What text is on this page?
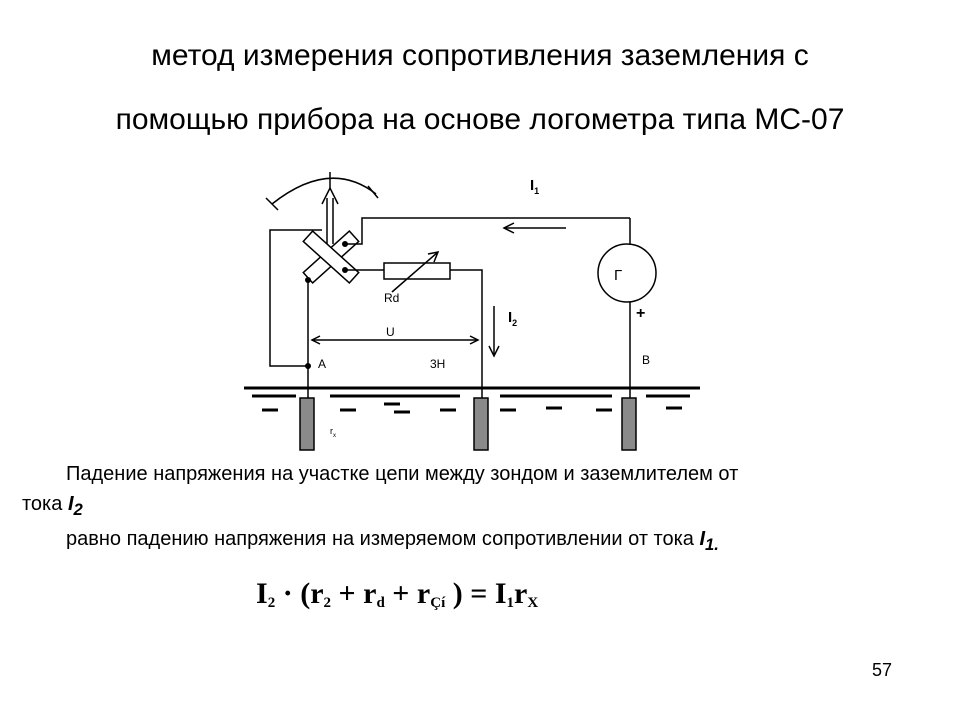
метод измерения сопротивления заземления с
помощью прибора на основе логометра типа МС-07
$I_1$
$I_2$
Г
+
Rd
U
A	3H	B
$r_x$
Падение напряжения на участке цепи между зондом и заземлителем от
тока $I_2$
равно падению напряжения на измеряемом сопротивлении от тока $I_{1.}$
$I_2 \cdot (r_2 + r_d + r_{Çí}$ ) = $I_1r_X$
57
